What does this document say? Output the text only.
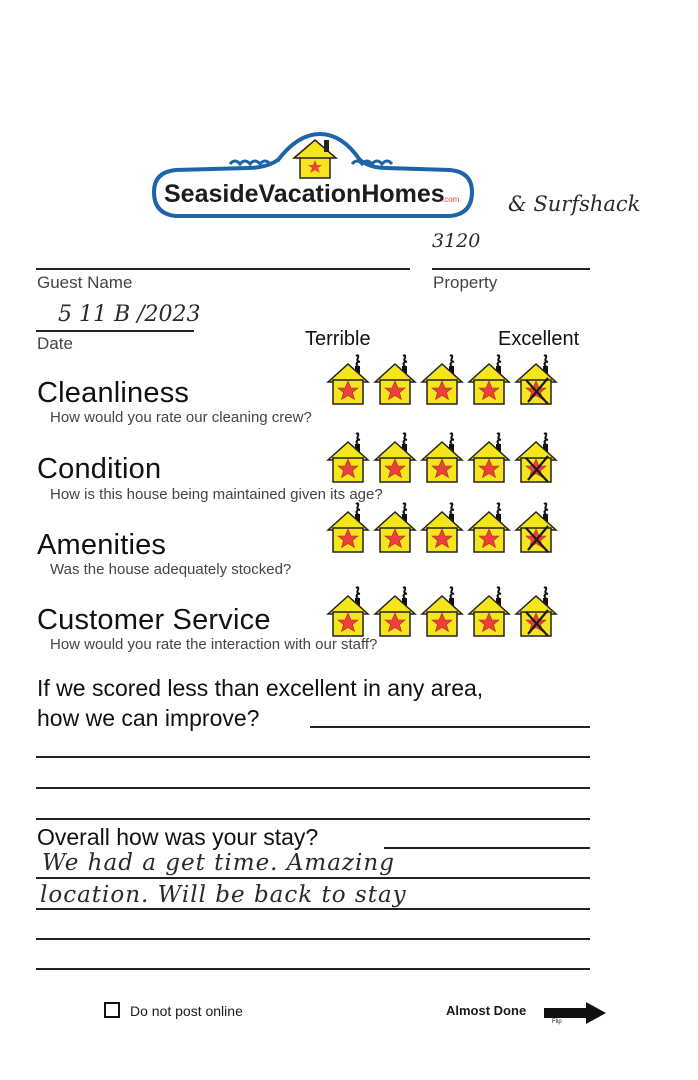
SeasideVacationHomes
.com & Surfshack
3120
Guest Name	Property
5 11 B /2023
Date	Terrible	Excellent
Cleanliness
How would you rate our cleaning crew?
Condition
How is this house being maintained given its age?
Amenities
Was the house adequately stocked?
Customer Service
How would you rate the interaction with our staff?
If we scored less than excellent in any area,
how we can improve?
Overall how was your stay?
We had a get time. Amazing
location. Will be back to stay
Do not post online	Almost Done
Flip
